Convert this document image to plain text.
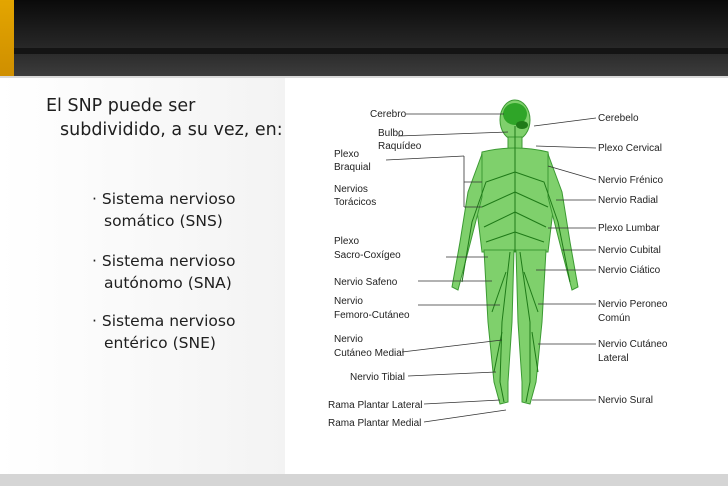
El SNP puede ser subdividido, a su vez, en:
· Sistema nervioso somático (SNS)
· Sistema nervioso autónomo (SNA)
· Sistema nervioso entérico (SNE)
Cerebro
Bulbo
Raquídeo
Plexo
Braquial
Nervios
Torácicos
Plexo
Sacro-Coxígeo
Nervio Safeno
Nervio
Femoro-Cutáneo
Nervio
Cutáneo Medial
Nervio Tibial
Rama Plantar Lateral
Rama Plantar Medial
Cerebelo
Plexo Cervical
Nervio Frénico
Nervio Radial
Plexo Lumbar
Nervio Cubital
Nervio Ciático
Nervio Peroneo
Común
Nervio Cutáneo
Lateral
Nervio Sural
